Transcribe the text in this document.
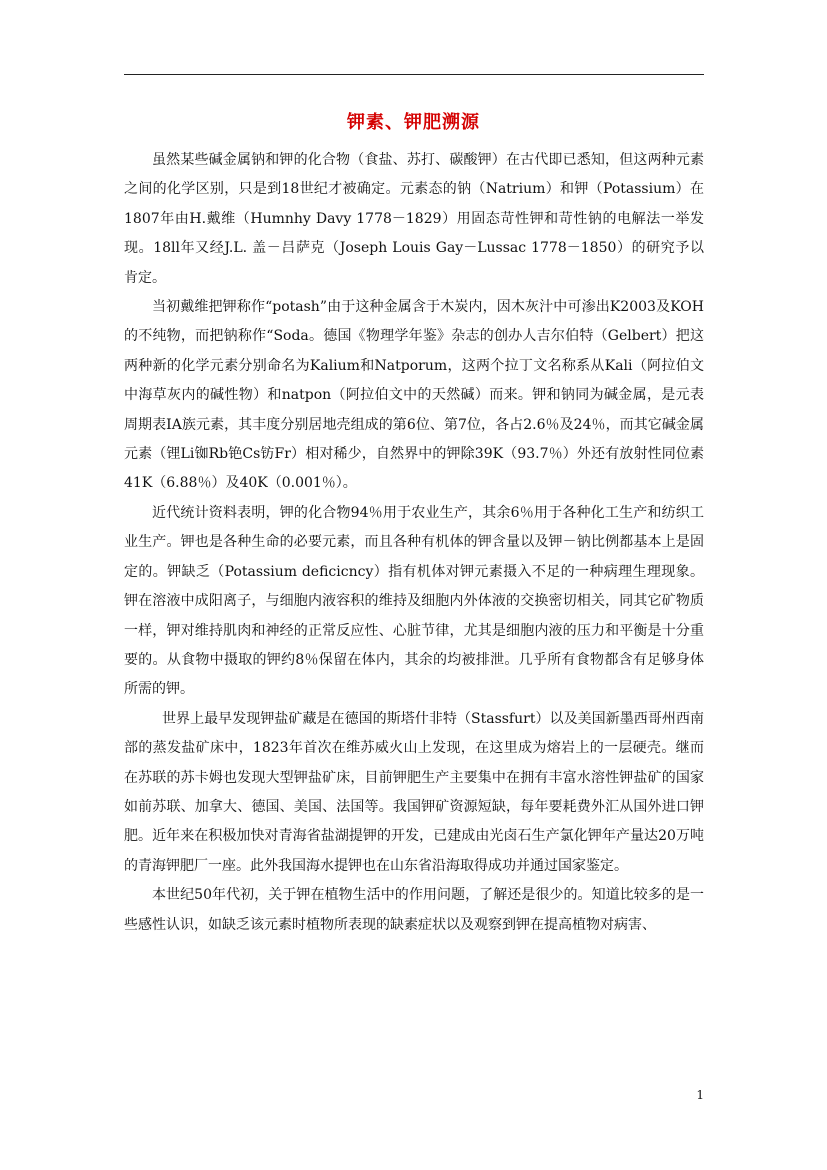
钾素、钾肥溯源

虽然某些碱金属钠和钾的化合物（食盐、苏打、碳酸钾）在古代即已悉知，但这两种元素之间的化学区别，只是到18世纪才被确定。元素态的钠（Natrium）和钾（Potassium）在1807年由H.戴维（Humnhy Davy 1778－1829）用固态苛性钾和苛性钠的电解法一举发现。18ll年又经J.L. 盖－吕萨克（Joseph Louis Gay－Lussac 1778－1850）的研究予以肯定。

当初戴维把钾称作“potash”由于这种金属含于木炭内，因木灰汁中可渗出K2003及KOH的不纯物，而把钠称作“Soda。德国《物理学年鉴》杂志的创办人吉尔伯特（Gelbert）把这两种新的化学元素分别命名为Kalium和Natporum，这两个拉丁文名称系从Kali（阿拉伯文中海草灰内的碱性物）和natpon（阿拉伯文中的天然碱）而来。钾和钠同为碱金属，是元表周期表IA族元素，其丰度分别居地壳组成的第6位、第7位，各占2.6％及24％，而其它碱金属元素（锂Li铷Rb铯Cs钫Fr）相对稀少，自然界中的钾除39K（93.7％）外还有放射性同位素41K（6.88％）及40K（0.001％）。

近代统计资料表明，钾的化合物94％用于农业生产，其余6％用于各种化工生产和纺织工业生产。钾也是各种生命的必要元素，而且各种有机体的钾含量以及钾－钠比例都基本上是固定的。钾缺乏（Potassium deficicncy）指有机体对钾元素摄入不足的一种病理生理现象。钾在溶液中成阳离子，与细胞内液容积的维持及细胞内外体液的交换密切相关，同其它矿物质一样，钾对维持肌肉和神经的正常反应性、心脏节律，尤其是细胞内液的压力和平衡是十分重要的。从食物中摄取的钾约8％保留在体内，其余的均被排泄。几乎所有食物都含有足够身体所需的钾。

世界上最早发现钾盐矿藏是在德国的斯塔什非特（Stassfurt）以及美国新墨西哥州西南部的蒸发盐矿床中，1823年首次在维苏威火山上发现，在这里成为熔岩上的一层硬壳。继而在苏联的苏卡姆也发现大型钾盐矿床，目前钾肥生产主要集中在拥有丰富水溶性钾盐矿的国家如前苏联、加拿大、德国、美国、法国等。我国钾矿资源短缺，每年要耗费外汇从国外进口钾肥。近年来在积极加快对青海省盐湖提钾的开发，已建成由光卤石生产氯化钾年产量达20万吨的青海钾肥厂一座。此外我国海水提钾也在山东省沿海取得成功并通过国家鉴定。

本世纪50年代初，关于钾在植物生活中的作用问题，了解还是很少的。知道比较多的是一些感性认识，如缺乏该元素时植物所表现的缺素症状以及观察到钾在提高植物对病害、

1
